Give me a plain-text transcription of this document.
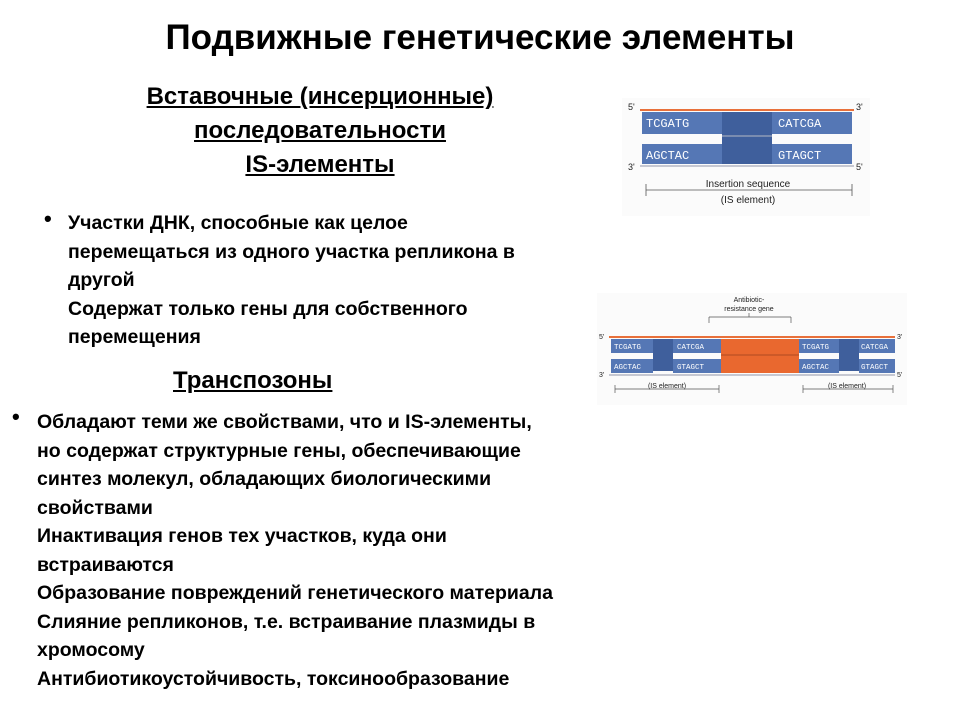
Подвижные генетические элементы
Вставочные (инсерционные)
последовательности
IS-элементы
TCGATG	CATCGA
AGCTAC	GTAGCT
5'	3'
3'	5'
Insertion sequence
(IS element)
Antibiotic-
resistance gene
TCGATG	CATCGA	TCGATG	CATCGA
AGCTAC	GTAGCT	AGCTAC	GTAGCT
5'	3'
3'	5'
(IS element)	(IS element)
• Участки ДНК, способные как целое
перемещаться из одного участка репликона в
другой
Содержат только гены для собственного
перемещения
Транспозоны
• Обладают теми же свойствами, что и IS-элементы,
но содержат структурные гены, обеспечивающие
синтез молекул, обладающих биологическими
свойствами
Инактивация генов тех участков, куда они
встраиваются
Образование повреждений генетического материала
Слияние репликонов, т.е. встраивание плазмиды в
хромосому
Антибиотикоустойчивость, токсинообразование
